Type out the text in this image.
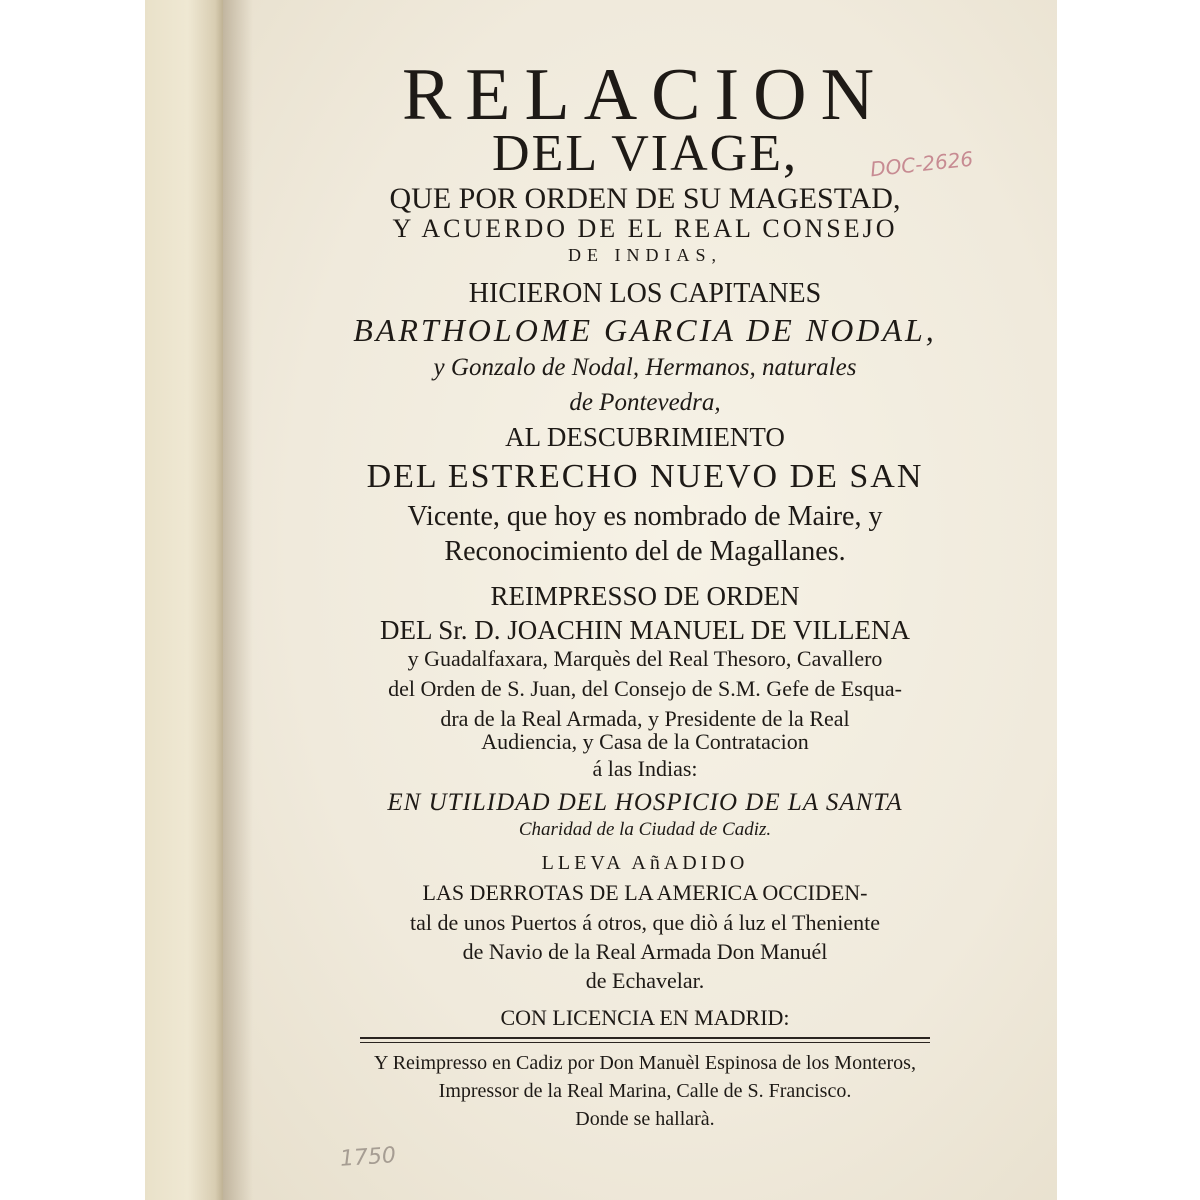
RELACION
DEL VIAGE,
QUE POR ORDEN DE SU MAGESTAD,
Y ACUERDO DE EL REAL CONSEJO
DE INDIAS,
HICIERON LOS CAPITANES
BARTHOLOME GARCIA DE NODAL,
y Gonzalo de Nodal, Hermanos, naturales
de Pontevedra,
AL DESCUBRIMIENTO
DEL ESTRECHO NUEVO DE SAN
Vicente, que hoy es nombrado de Maire, y
Reconocimiento del de Magallanes.
REIMPRESSO DE ORDEN
DEL Sr. D. JOACHIN MANUEL DE VILLENA
y Guadalfaxara, Marquès del Real Thesoro, Cavallero
del Orden de S. Juan, del Consejo de S.M. Gefe de Esqua-
dra de la Real Armada, y Presidente de la Real
Audiencia, y Casa de la Contratacion
á las Indias:
EN UTILIDAD DEL HOSPICIO DE LA SANTA
Charidad de la Ciudad de Cadiz.
LLEVA AñADIDO
LAS DERROTAS DE LA AMERICA OCCIDEN-
tal de unos Puertos á otros, que diò á luz el Theniente
de Navio de la Real Armada Don Manuél
de Echavelar.
CON LICENCIA EN MADRID:
Y Reimpresso en Cadiz por Don Manuèl Espinosa de los Monteros,
Impressor de la Real Marina, Ca⁠lle de S. Francisco.
Donde se hallarà.
DOC-2626
1750
